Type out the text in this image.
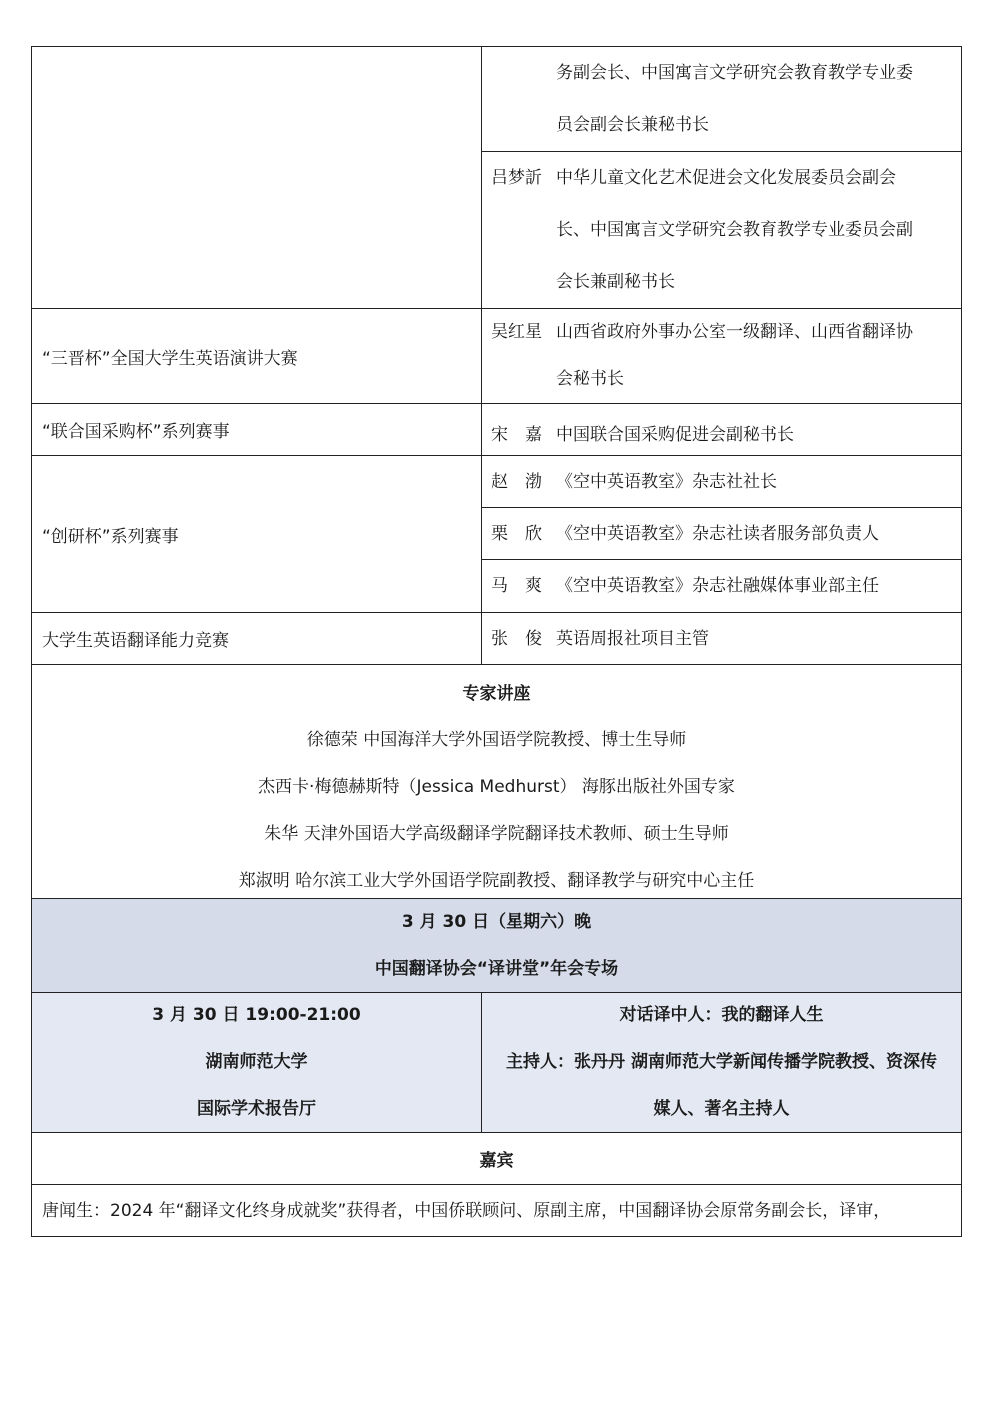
务副会长、中国寓言文学研究会教育教学专业委
员会副会长兼秘书长
吕梦訢 中华儿童文化艺术促进会文化发展委员会副会
长、中国寓言文学研究会教育教学专业委员会副
会长兼副秘书长
“三晋杯”全国大学生英语演讲大赛
吴红星 山西省政府外事办公室一级翻译、山西省翻译协
会秘书长
“联合国采购杯”系列赛事	宋　嘉 中国联合国采购促进会副秘书长
“创研杯”系列赛事
赵　渤 《空中英语教室》杂志社社长
栗　欣 《空中英语教室》杂志社读者服务部负责人
马　爽 《空中英语教室》杂志社融媒体事业部主任
大学生英语翻译能力竞赛	张　俊 英语周报社项目主管
专家讲座
徐德荣 中国海洋大学外国语学院教授、博士生导师
杰西卡·梅德赫斯特（Jessica Medhurst） 海豚出版社外国专家
朱华 天津外国语大学高级翻译学院翻译技术教师、硕士生导师
郑淑明 哈尔滨工业大学外国语学院副教授、翻译教学与研究中心主任
3 月 30 日（星期六）晚
中国翻译协会“译讲堂”年会专场
3 月 30 日 19:00-21:00
湖南师范大学
国际学术报告厅
对话译中人：我的翻译人生
主持人：张丹丹 湖南师范大学新闻传播学院教授、资深传
媒人、著名主持人
嘉宾
唐闻生：2024 年“翻译文化终身成就奖”获得者，中国侨联顾问、原副主席，中国翻译协会原常务副会长，译审，
